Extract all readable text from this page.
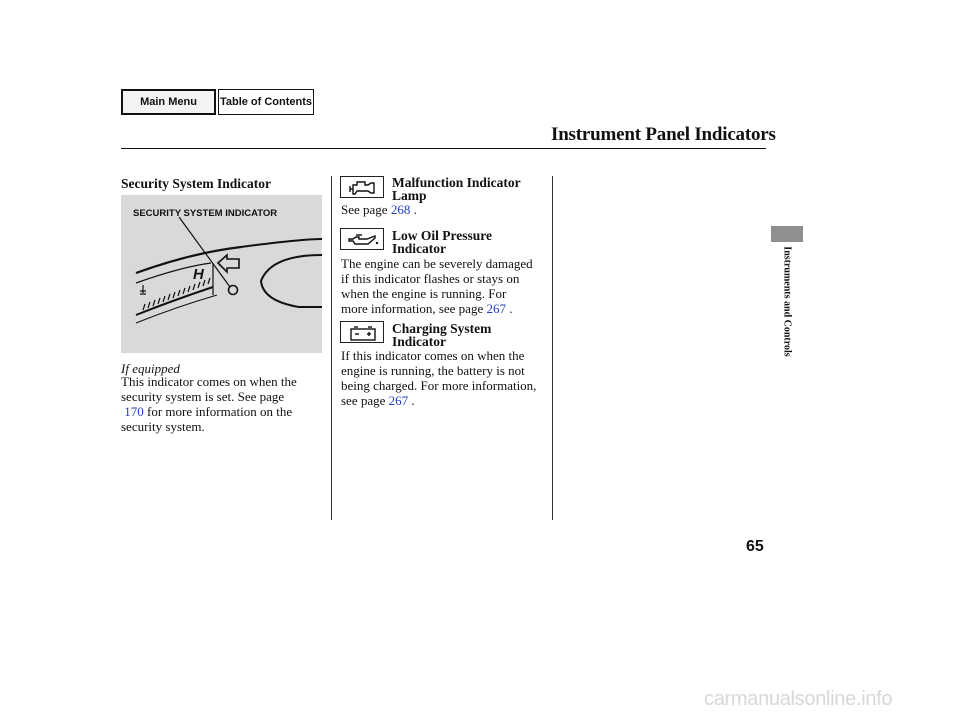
Main Menu	Table of Contents
Instrument Panel Indicators
Security System Indicator
H
SECURITY SYSTEM INDICATOR
If equipped
This indicator comes on when the
security system is set. See page
170 for more information on the
security system.
Malfunction Indicator
Lamp
See page 268 .
Low Oil Pressure
Indicator
The engine can be severely damaged
if this indicator flashes or stays on
when the engine is running. For
more information, see page 267 .
Charging System
Indicator
If this indicator comes on when the
engine is running, the battery is not
being charged. For more information,
see page 267 .
Instruments and Controls
65
carmanualsonline.info
